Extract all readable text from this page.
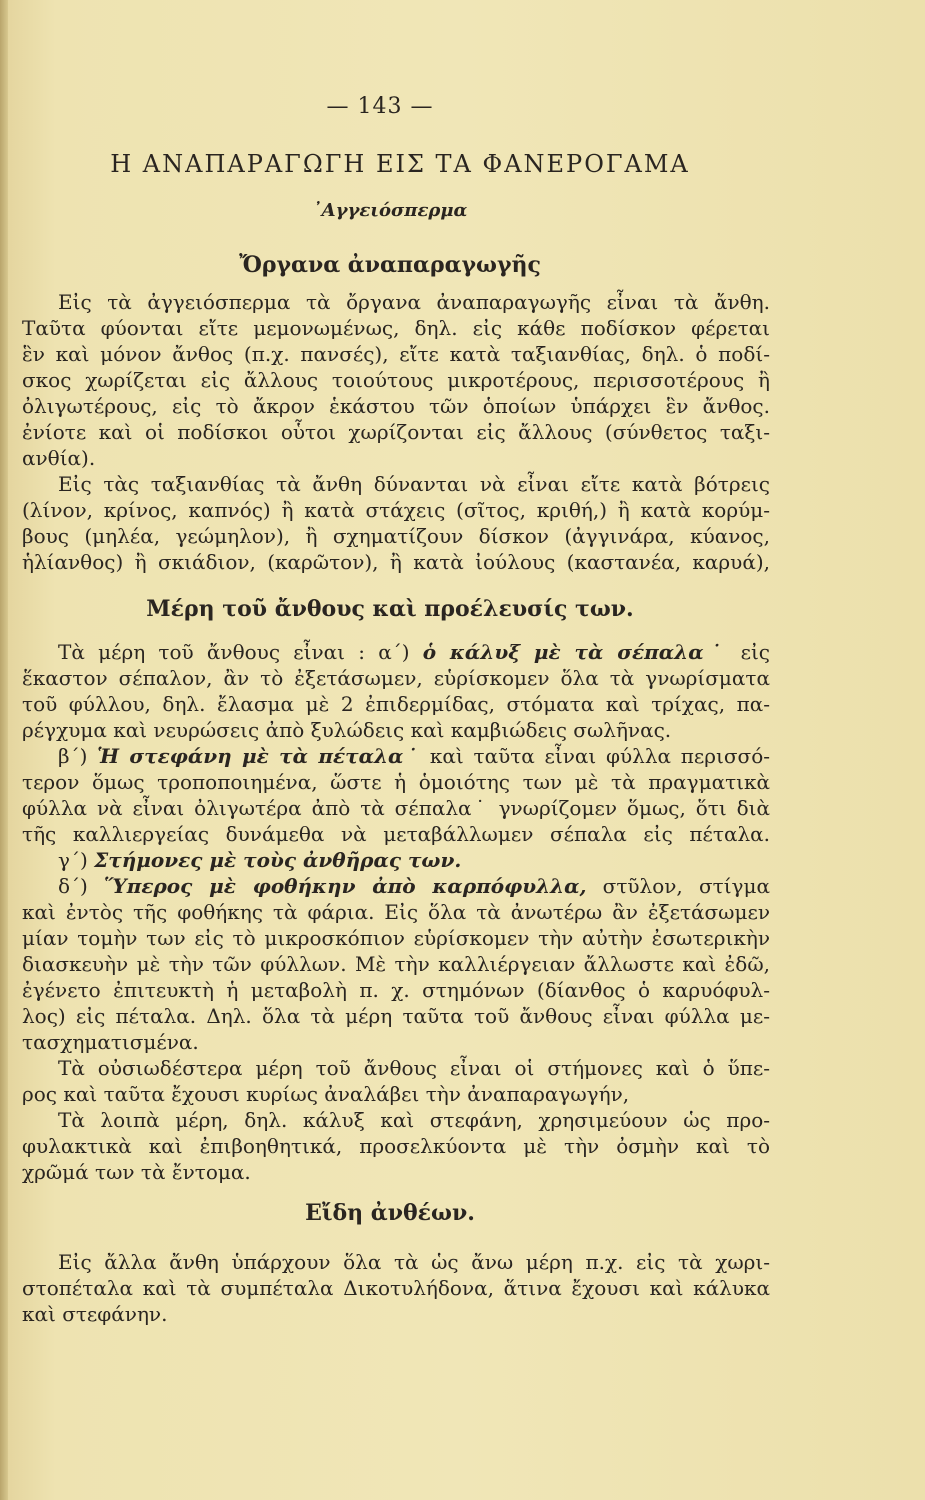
— 143 —
Η ΑΝΑΠΑΡΑΓΩΓΗ ΕΙΣ ΤΑ ΦΑΝΕΡΟΓΑΜΑ
᾿Αγγειόσπερμα
Ὄργανα ἀναπαραγωγῆς
Εἰς τὰ ἀγγειόσπερμα τὰ ὄργανα ἀναπαραγωγῆς εἶναι τὰ ἄνθη.
Ταῦτα φύονται εἴτε μεμονωμένως, δηλ. εἰς κάθε ποδίσκον φέρεται
ἓν καὶ μόνον ἄνθος (π.χ. πανσές), εἴτε κατὰ ταξιανθίας, δηλ. ὁ ποδί-
σκος χωρίζεται εἰς ἄλλους τοιούτους μικροτέρους, περισσοτέρους ἢ
ὀλιγωτέρους, εἰς τὸ ἄκρον ἑκάστου τῶν ὁποίων ὑπάρχει ἓν ἄνθος.
ἐνίοτε καὶ οἱ ποδίσκοι οὗτοι χωρίζονται εἰς ἄλλους (σύνθετος ταξι-
ανθία).
Εἰς τὰς ταξιανθίας τὰ ἄνθη δύνανται νὰ εἶναι εἴτε κατὰ βότρεις
(λίνον, κρίνος, καπνός) ἢ κατὰ στάχεις (σῖτος, κριθή,) ἢ κατὰ κορύμ-
βους (μηλέα, γεώμηλον), ἢ σχηματίζουν δίσκον (ἀγγινάρα, κύανος,
ἡλίανθος) ἢ σκιάδιον, (καρῶτον), ἢ κατὰ ἰούλους (καστανέα, καρυά),
Μέρη τοῦ ἄνθους καὶ προέλευσίς των.
Τὰ μέρη τοῦ ἄνθους εἶναι : α΄) ὁ κάλυξ μὲ τὰ σέπαλα˙ εἰς
ἕκαστον σέπαλον, ἂν τὸ ἐξετάσωμεν, εὑρίσκομεν ὅλα τὰ γνωρίσματα
τοῦ φύλλου, δηλ. ἔλασμα μὲ 2 ἐπιδερμίδας, στόματα καὶ τρίχας, πα-
ρέγχυμα καὶ νευρώσεις ἀπὸ ξυλώδεις καὶ καμβιώδεις σωλῆνας.
β΄) Ἡ στεφάνη μὲ τὰ πέταλα˙ καὶ ταῦτα εἶναι φύλλα περισσό-
τερον ὅμως τροποποιημένα, ὥστε ἡ ὁμοιότης των μὲ τὰ πραγματικὰ
φύλλα νὰ εἶναι ὀλιγωτέρα ἀπὸ τὰ σέπαλα˙ γνωρίζομεν ὅμως, ὅτι διὰ
τῆς καλλιεργείας δυνάμεθα νὰ μεταβάλλωμεν σέπαλα εἰς πέταλα.
γ΄) Στήμονες μὲ τοὺς ἀνθῆρας των.
δ΄) Ὕπερος μὲ φοθήκην ἀπὸ καρπόφυλλα, στῦλον, στίγμα
καὶ ἐντὸς τῆς φοθήκης τὰ φάρια. Εἰς ὅλα τὰ ἀνωτέρω ἂν ἐξετάσωμεν
μίαν τομὴν των εἰς τὸ μικροσκόπιον εὑρίσκομεν τὴν αὐτὴν ἐσωτερικὴν
διασκευὴν μὲ τὴν τῶν φύλλων. Μὲ τὴν καλλιέργειαν ἄλλωστε καὶ ἐδῶ,
ἐγένετο ἐπιτευκτὴ ἡ μεταβολὴ π. χ. στημόνων (δίανθος ὁ καρυόφυλ-
λος) εἰς πέταλα. Δηλ. ὅλα τὰ μέρη ταῦτα τοῦ ἄνθους εἶναι φύλλα με-
τασχηματισμένα.
Τὰ οὐσιωδέστερα μέρη τοῦ ἄνθους εἶναι οἱ στήμονες καὶ ὁ ὕπε-
ρος καὶ ταῦτα ἔχουσι κυρίως ἀναλάβει τὴν ἀναπαραγωγήν,
Τὰ λοιπὰ μέρη, δηλ. κάλυξ καὶ στεφάνη, χρησιμεύουν ὡς προ-
φυλακτικὰ καὶ ἐπιβοηθητικά, προσελκύοντα μὲ τὴν ὀσμὴν καὶ τὸ
χρῶμά των τὰ ἔντομα.
Εἴδη ἀνθέων.
Εἰς ἄλλα ἄνθη ὑπάρχουν ὅλα τὰ ὡς ἄνω μέρη π.χ. εἰς τὰ χωρι-
στοπέταλα καὶ τὰ συμπέταλα Δικοτυλήδονα, ἅτινα ἔχουσι καὶ κάλυκα
καὶ στεφάνην.
